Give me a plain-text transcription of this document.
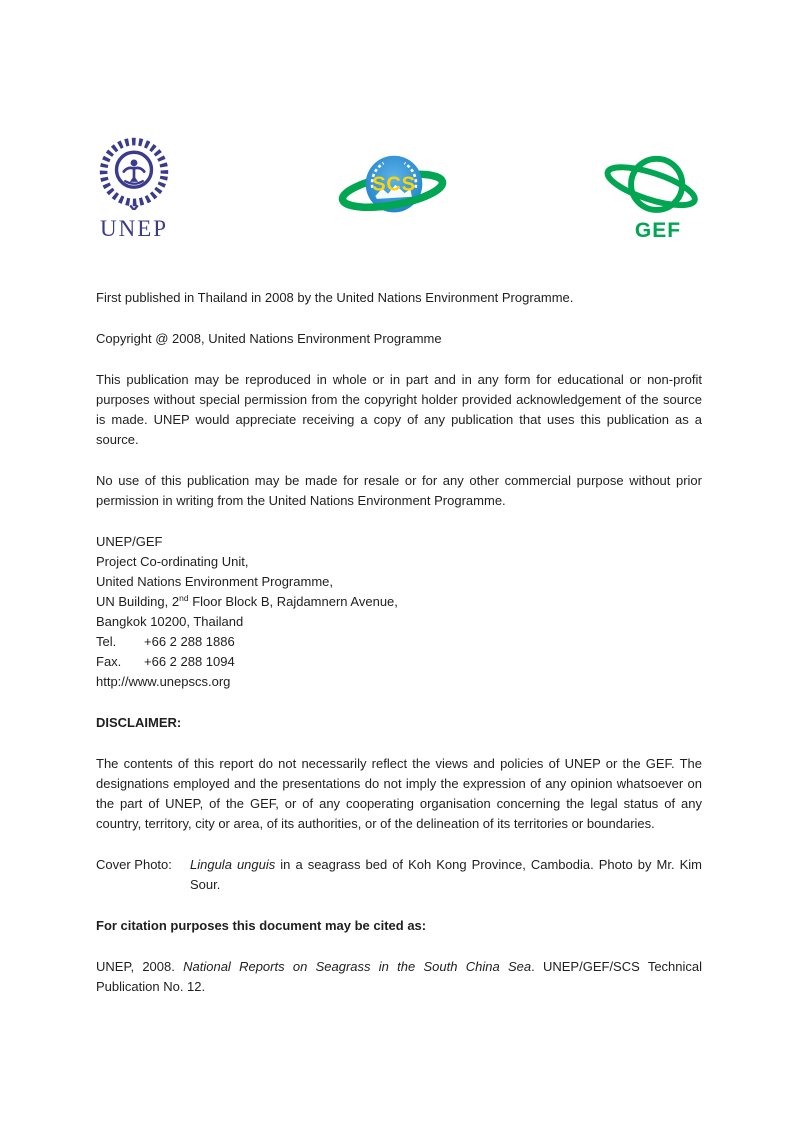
UNEP
SCS
GEF

First published in Thailand in 2008 by the United Nations Environment Programme.

Copyright @ 2008, United Nations Environment Programme

This publication may be reproduced in whole or in part and in any form for educational or non-profit purposes without special permission from the copyright holder provided acknowledgement of the source is made. UNEP would appreciate receiving a copy of any publication that uses this publication as a source.

No use of this publication may be made for resale or for any other commercial purpose without prior permission in writing from the United Nations Environment Programme.

UNEP/GEF
Project Co-ordinating Unit,
United Nations Environment Programme,
UN Building, 2nd Floor Block B, Rajdamnern Avenue,
Bangkok 10200, Thailand
Tel. +66 2 288 1886
Fax. +66 2 288 1094
http://www.unepscs.org

DISCLAIMER:

The contents of this report do not necessarily reflect the views and policies of UNEP or the GEF. The designations employed and the presentations do not imply the expression of any opinion whatsoever on the part of UNEP, of the GEF, or of any cooperating organisation concerning the legal status of any country, territory, city or area, of its authorities, or of the delineation of its territories or boundaries.

Cover Photo:	Lingula unguis in a seagrass bed of Koh Kong Province, Cambodia. Photo by Mr. Kim Sour.

For citation purposes this document may be cited as:

UNEP, 2008. National Reports on Seagrass in the South China Sea. UNEP/GEF/SCS Technical Publication No. 12.
